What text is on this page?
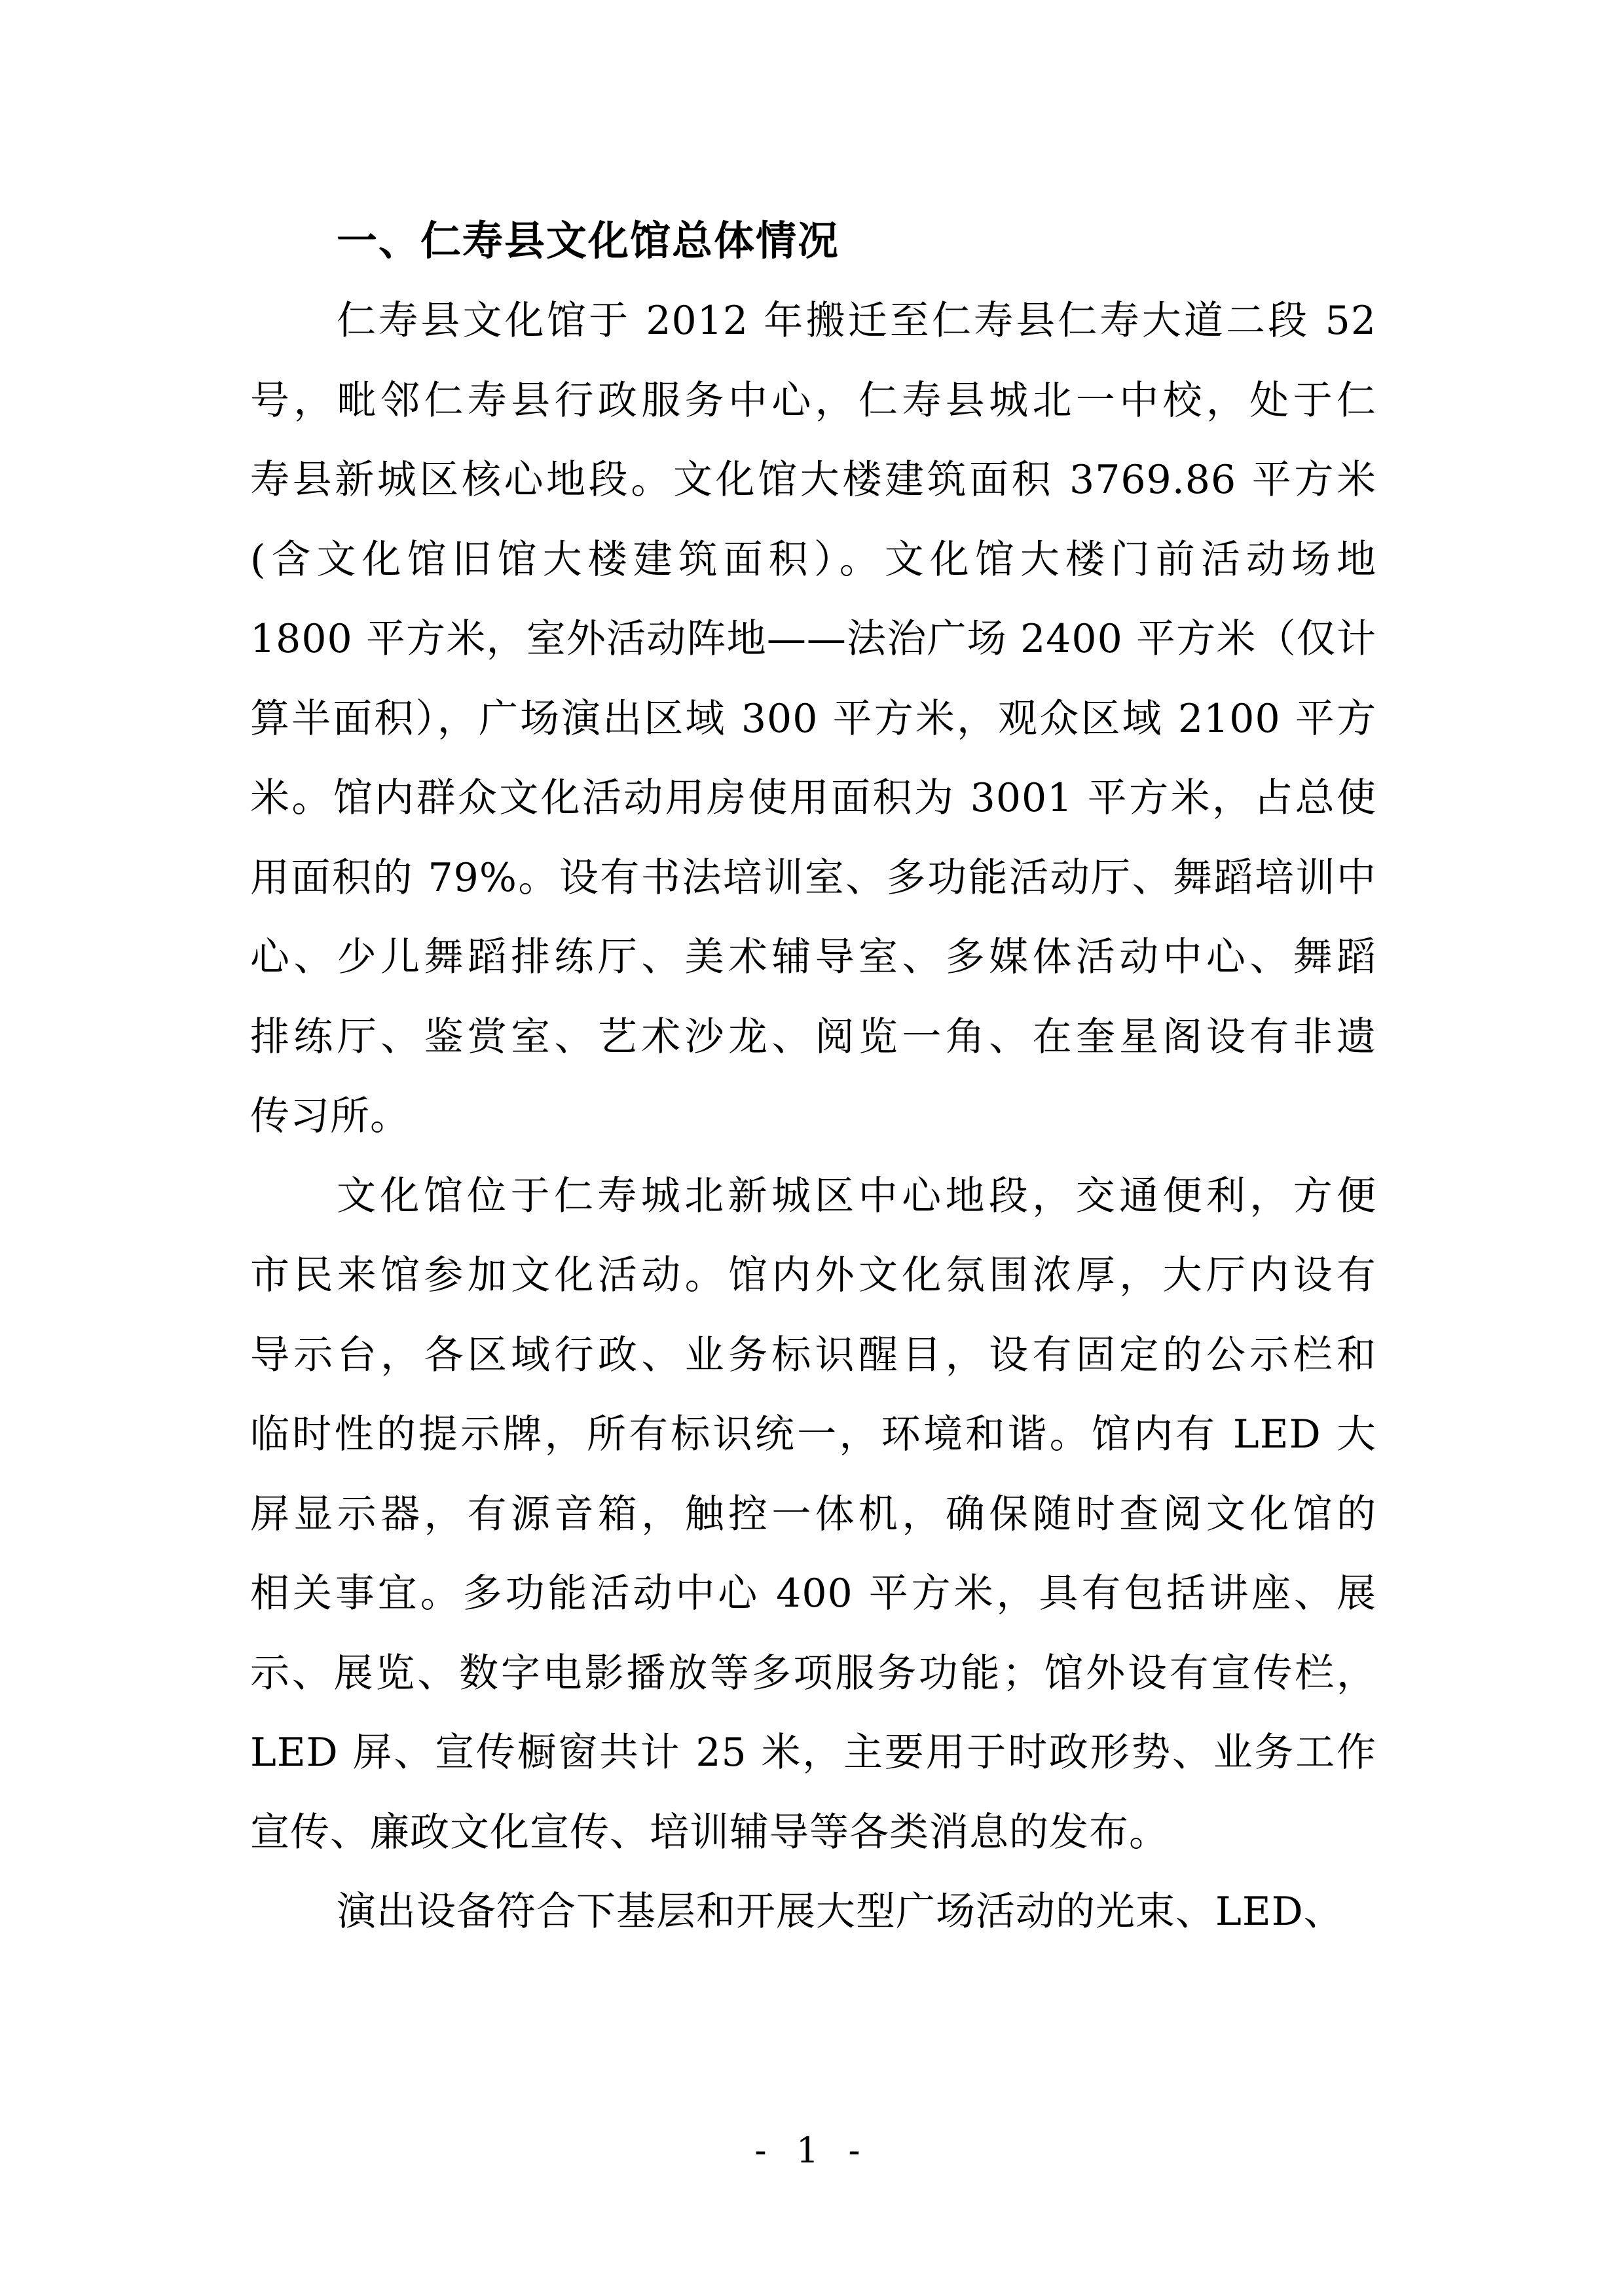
一、仁寿县文化馆总体情况

仁寿县文化馆于 2012 年搬迁至仁寿县仁寿大道二段 52
号，毗邻仁寿县行政服务中心，仁寿县城北一中校，处于仁
寿县新城区核心地段。文化馆大楼建筑面积 3769.86 平方米
(含文化馆旧馆大楼建筑面积）。文化馆大楼门前活动场地
1800 平方米，室外活动阵地——法治广场 2400 平方米（仅计
算半面积），广场演出区域 300 平方米，观众区域 2100 平方
米。馆内群众文化活动用房使用面积为 3001 平方米，占总使
用面积的 79%。设有书法培训室、多功能活动厅、舞蹈培训中
心、少儿舞蹈排练厅、美术辅导室、多媒体活动中心、舞蹈
排练厅、鉴赏室、艺术沙龙、阅览一角、在奎星阁设有非遗
传习所。

文化馆位于仁寿城北新城区中心地段，交通便利，方便
市民来馆参加文化活动。馆内外文化氛围浓厚，大厅内设有
导示台，各区域行政、业务标识醒目，设有固定的公示栏和
临时性的提示牌，所有标识统一，环境和谐。馆内有 LED 大
屏显示器，有源音箱，触控一体机，确保随时查阅文化馆的
相关事宜。多功能活动中心 400 平方米，具有包括讲座、展
示、展览、数字电影播放等多项服务功能；馆外设有宣传栏，
LED 屏、宣传橱窗共计 25 米，主要用于时政形势、业务工作
宣传、廉政文化宣传、培训辅导等各类消息的发布。

演出设备符合下基层和开展大型广场活动的光束、LED、

- 1 -
